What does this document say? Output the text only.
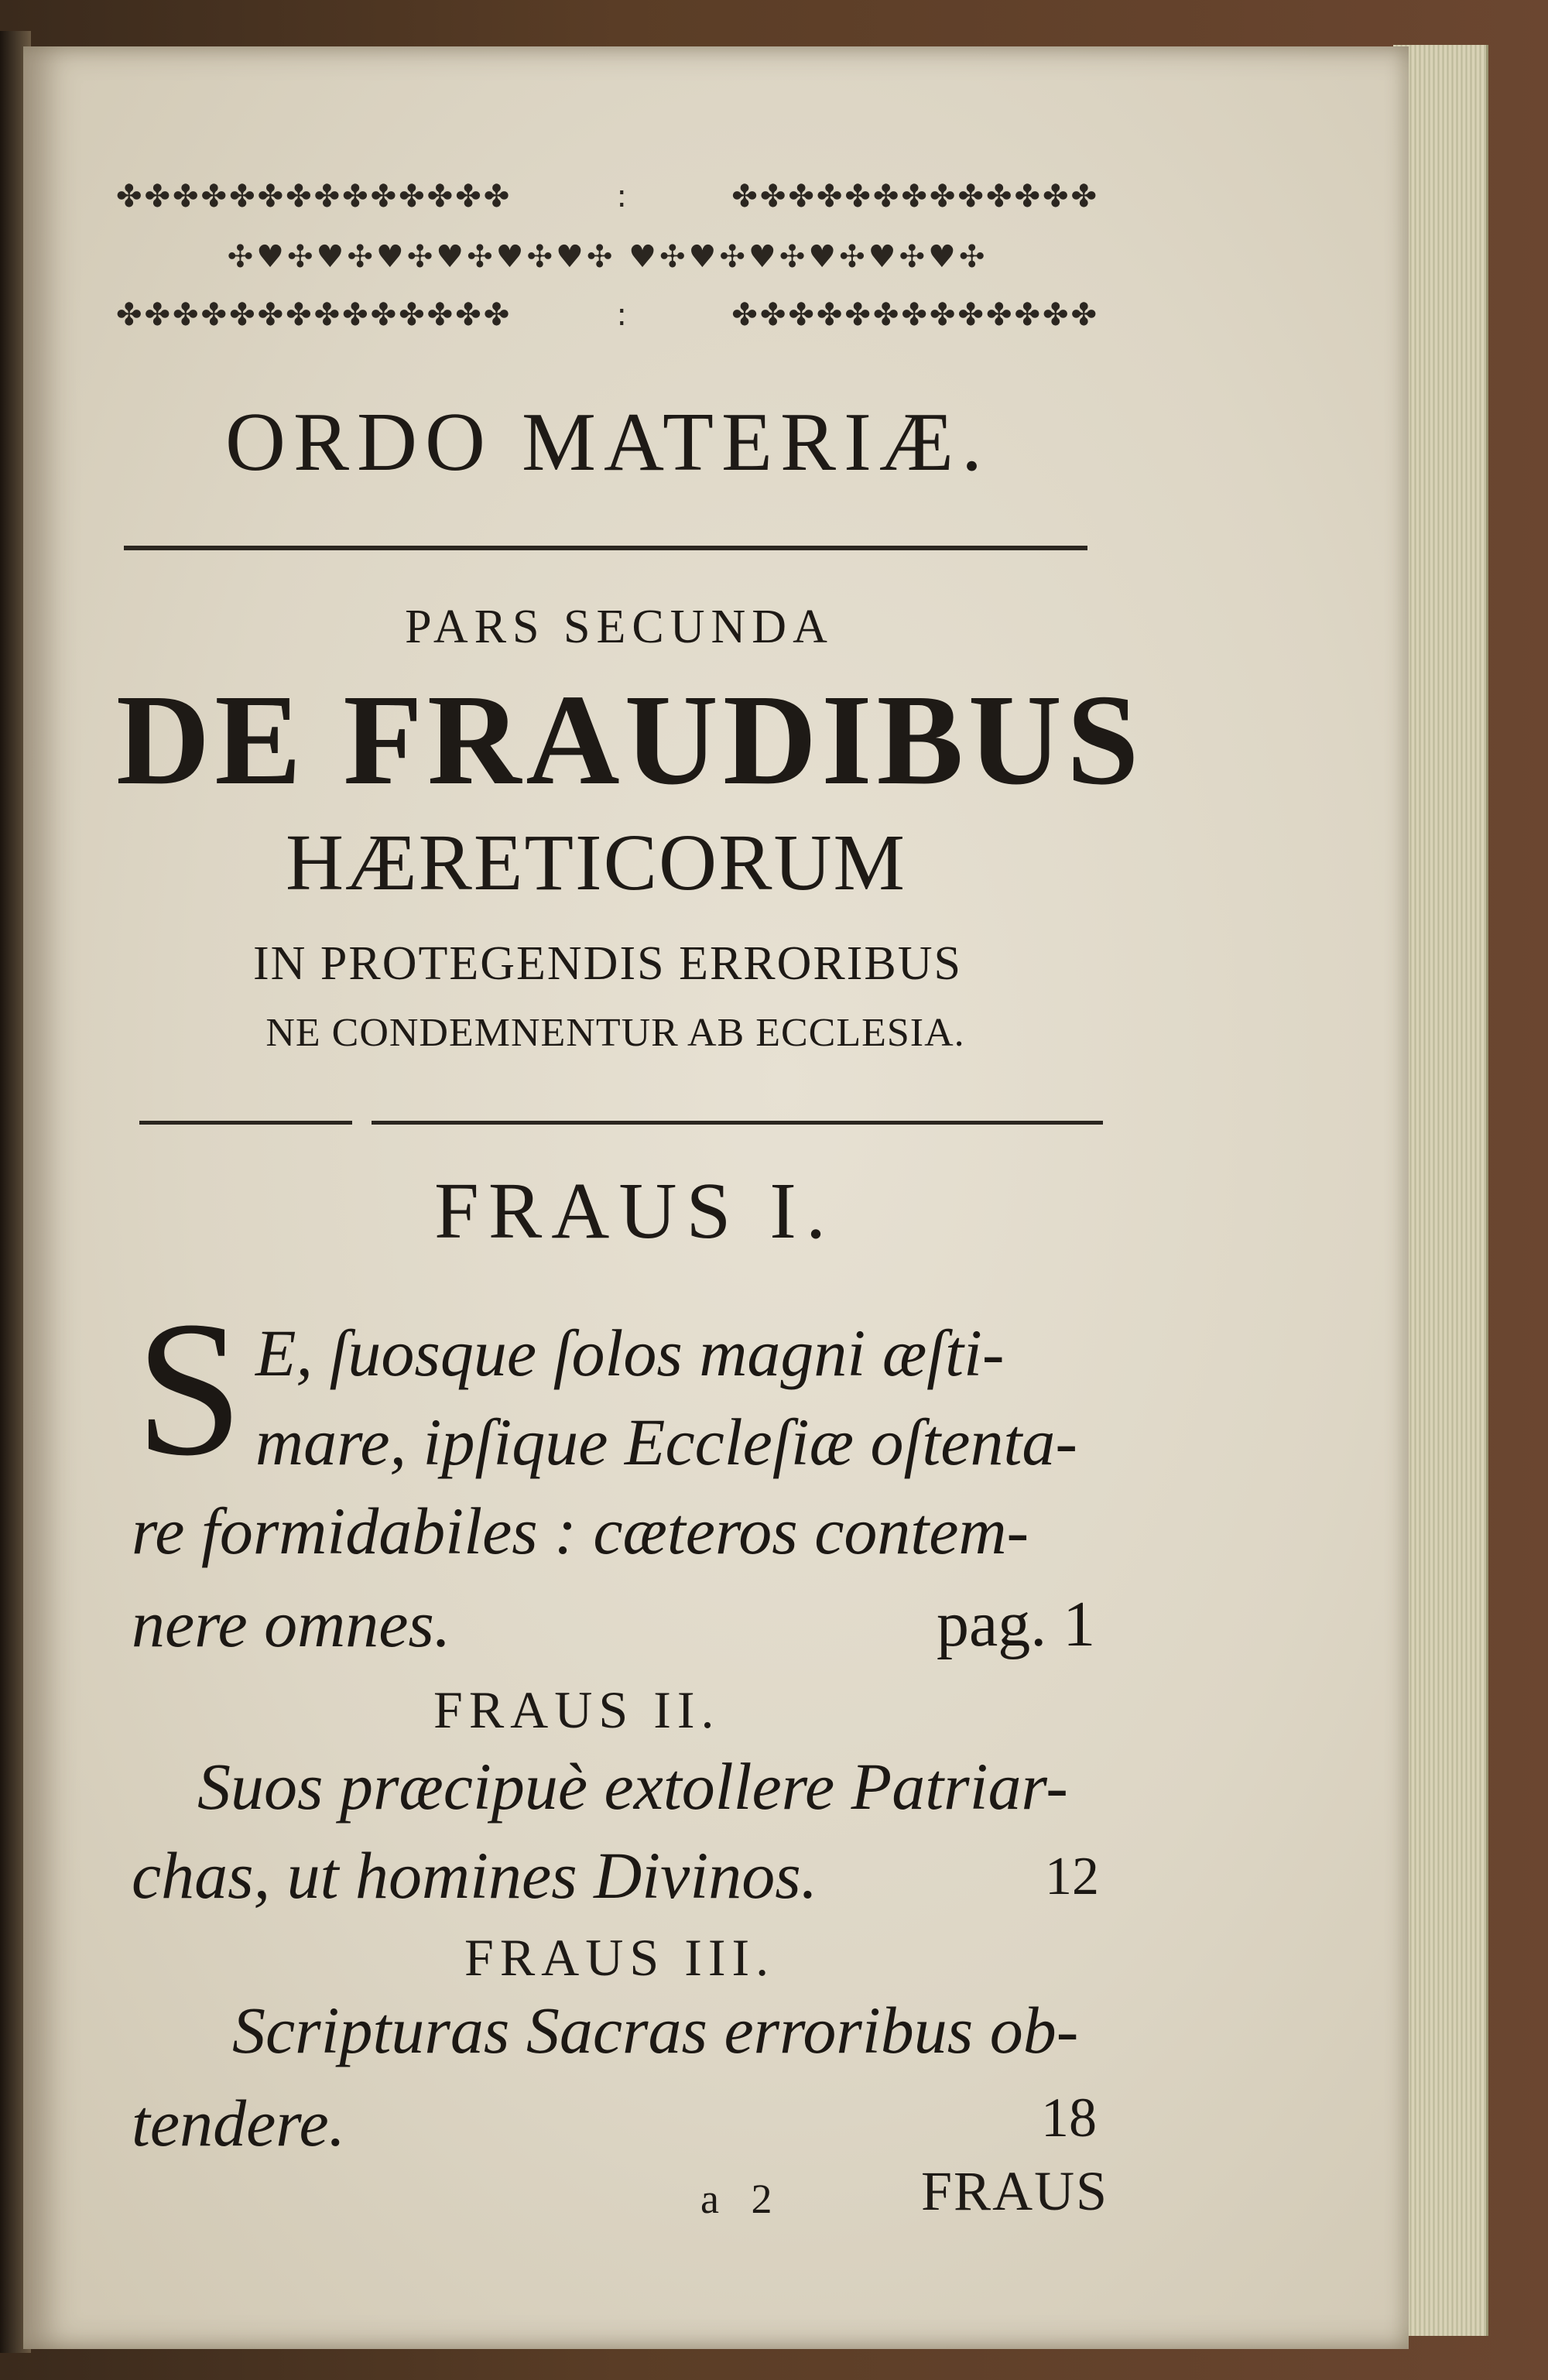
✤✤✤✤✤✤✤✤✤✤✤✤✤✤	:	✤✤✤✤✤✤✤✤✤✤✤✤✤
✣♥✣♥✣♥✣♥✣♥✣♥✣ ♥✣♥✣♥✣♥✣♥✣♥✣
✤✤✤✤✤✤✤✤✤✤✤✤✤✤	:	✤✤✤✤✤✤✤✤✤✤✤✤✤
ORDO MATERIÆ.
PARS SECUNDA
DE FRAUDIBUS
HÆRETICORUM
IN PROTEGENDIS ERRORIBUS
NE CONDEMNENTUR AB ECCLESIA.
FRAUS I.
S E, ſuosque ſolos magni æſti-
mare, ipſique Eccleſiæ oſtenta-
re formidabiles : cæteros contem-
nere omnes.	pag. 1
FRAUS II.
Suos præcipuè extollere Patriar-
chas, ut homines Divinos.	12
FRAUS III.
Scripturas Sacras erroribus ob-
tendere.	18
a 2 FRAUS
